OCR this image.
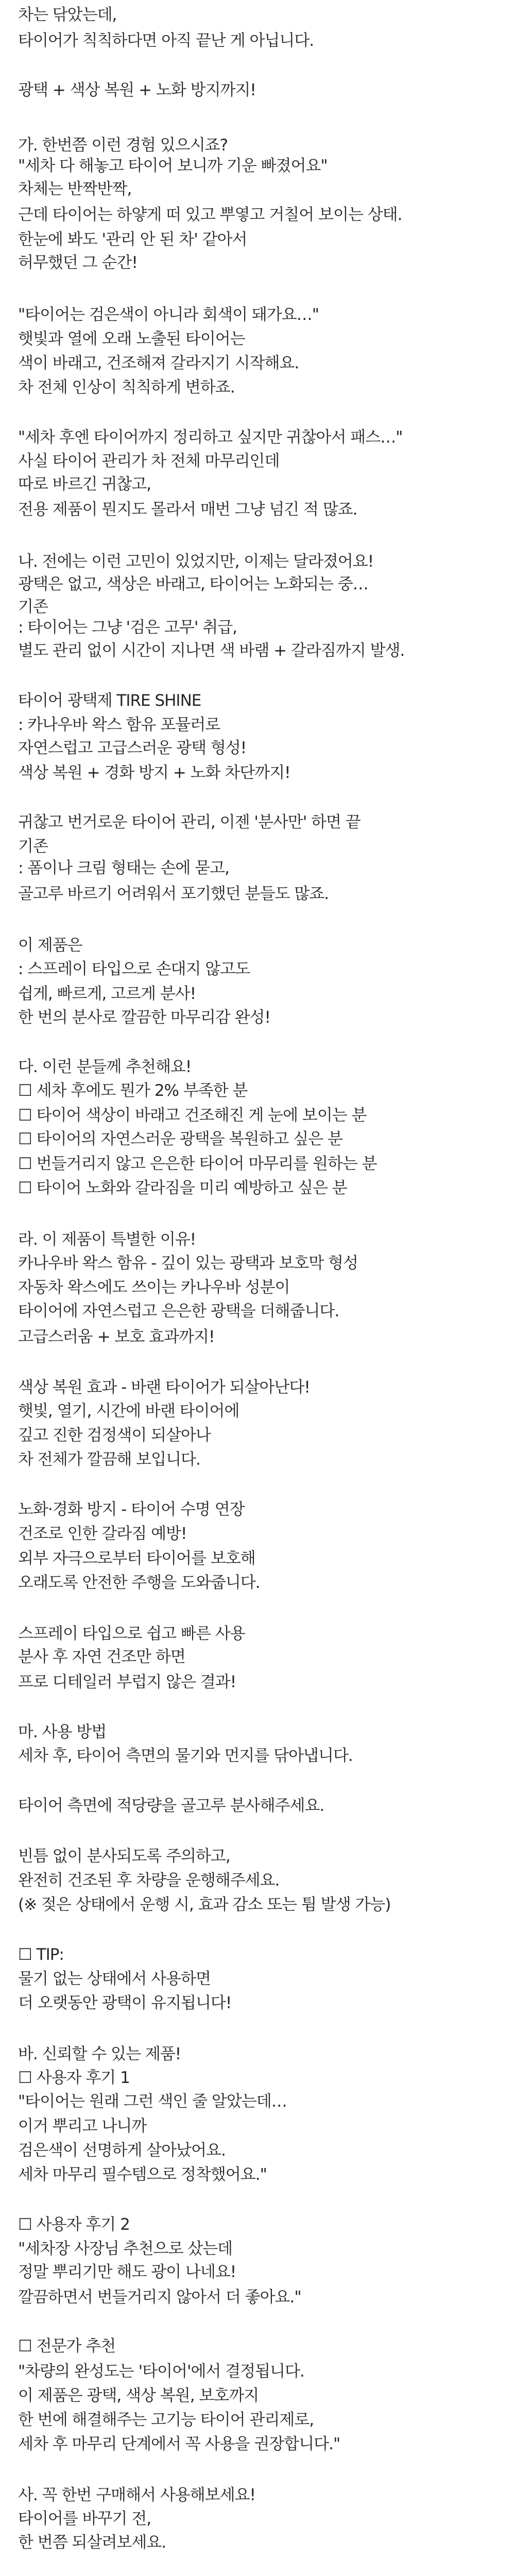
차는 닦았는데,
타이어가 칙칙하다면 아직 끝난 게 아닙니다.
광택 + 색상 복원 + 노화 방지까지!
가. 한번쯤 이런 경험 있으시죠?
"세차 다 해놓고 타이어 보니까 기운 빠졌어요"
차체는 반짝반짝,
근데 타이어는 하얗게 떠 있고 뿌옇고 거칠어 보이는 상태.
한눈에 봐도 '관리 안 된 차' 같아서
허무했던 그 순간!
"타이어는 검은색이 아니라 회색이 돼가요…"
햇빛과 열에 오래 노출된 타이어는
색이 바래고, 건조해져 갈라지기 시작해요.
차 전체 인상이 칙칙하게 변하죠.
"세차 후엔 타이어까지 정리하고 싶지만 귀찮아서 패스…"
사실 타이어 관리가 차 전체 마무리인데
따로 바르긴 귀찮고,
전용 제품이 뭔지도 몰라서 매번 그냥 넘긴 적 많죠.
나. 전에는 이런 고민이 있었지만, 이제는 달라졌어요!
광택은 없고, 색상은 바래고, 타이어는 노화되는 중…
기존
: 타이어는 그냥 '검은 고무' 취급,
별도 관리 없이 시간이 지나면 색 바램 + 갈라짐까지 발생.
타이어 광택제 TIRE SHINE
: 카나우바 왁스 함유 포뮬러로
자연스럽고 고급스러운 광택 형성!
색상 복원 + 경화 방지 + 노화 차단까지!
귀찮고 번거로운 타이어 관리, 이젠 '분사만' 하면 끝
기존
: 폼이나 크림 형태는 손에 묻고,
골고루 바르기 어려워서 포기했던 분들도 많죠.
이 제품은
: 스프레이 타입으로 손대지 않고도
쉽게, 빠르게, 고르게 분사!
한 번의 분사로 깔끔한 마무리감 완성!
다. 이런 분들께 추천해요!
☐ 세차 후에도 뭔가 2% 부족한 분
☐ 타이어 색상이 바래고 건조해진 게 눈에 보이는 분
☐ 타이어의 자연스러운 광택을 복원하고 싶은 분
☐ 번들거리지 않고 은은한 타이어 마무리를 원하는 분
☐ 타이어 노화와 갈라짐을 미리 예방하고 싶은 분
라. 이 제품이 특별한 이유!
카나우바 왁스 함유 - 깊이 있는 광택과 보호막 형성
자동차 왁스에도 쓰이는 카나우바 성분이
타이어에 자연스럽고 은은한 광택을 더해줍니다.
고급스러움 + 보호 효과까지!
색상 복원 효과 - 바랜 타이어가 되살아난다!
햇빛, 열기, 시간에 바랜 타이어에
깊고 진한 검정색이 되살아나
차 전체가 깔끔해 보입니다.
노화·경화 방지 - 타이어 수명 연장
건조로 인한 갈라짐 예방!
외부 자극으로부터 타이어를 보호해
오래도록 안전한 주행을 도와줍니다.
스프레이 타입으로 쉽고 빠른 사용
분사 후 자연 건조만 하면
프로 디테일러 부럽지 않은 결과!
마. 사용 방법
세차 후, 타이어 측면의 물기와 먼지를 닦아냅니다.
타이어 측면에 적당량을 골고루 분사해주세요.
빈틈 없이 분사되도록 주의하고,
완전히 건조된 후 차량을 운행해주세요.
(※ 젖은 상태에서 운행 시, 효과 감소 또는 튐 발생 가능)
☐ TIP:
물기 없는 상태에서 사용하면
더 오랫동안 광택이 유지됩니다!
바. 신뢰할 수 있는 제품!
☐ 사용자 후기 1
"타이어는 원래 그런 색인 줄 알았는데…
이거 뿌리고 나니까
검은색이 선명하게 살아났어요.
세차 마무리 필수템으로 정착했어요."
☐ 사용자 후기 2
"세차장 사장님 추천으로 샀는데
정말 뿌리기만 해도 광이 나네요!
깔끔하면서 번들거리지 않아서 더 좋아요."
☐ 전문가 추천
"차량의 완성도는 '타이어'에서 결정됩니다.
이 제품은 광택, 색상 복원, 보호까지
한 번에 해결해주는 고기능 타이어 관리제로,
세차 후 마무리 단계에서 꼭 사용을 권장합니다."
사. 꼭 한번 구매해서 사용해보세요!
타이어를 바꾸기 전,
한 번쯤 되살려보세요.
